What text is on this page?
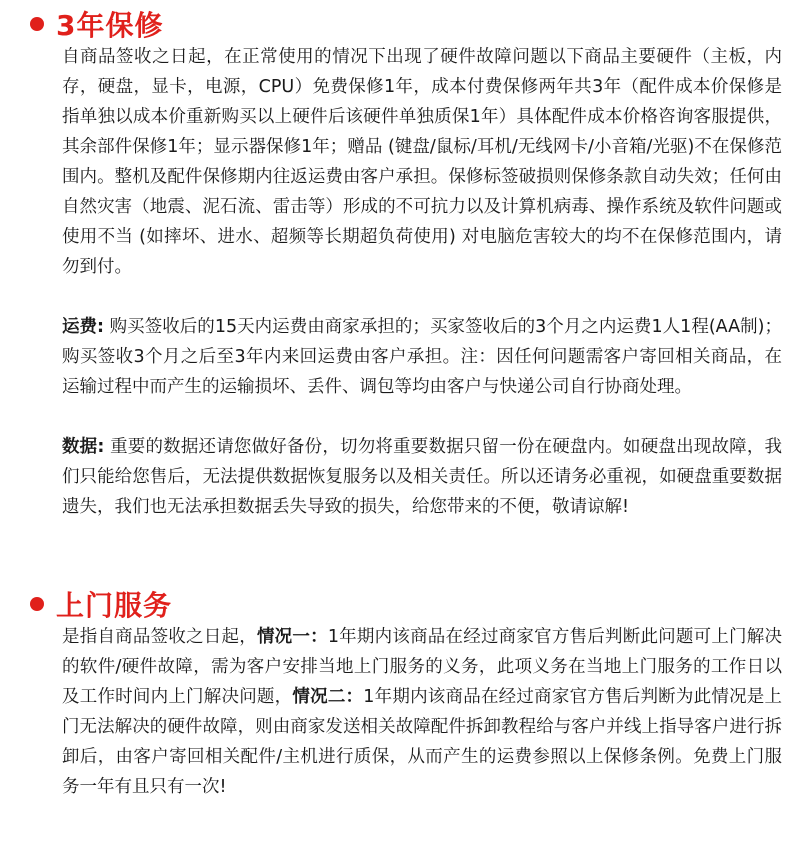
3年保修

自商品签收之日起，在正常使用的情况下出现了硬件故障问题以下商品主要硬件（主板，内存，硬盘，显卡，电源，CPU）免费保修1年，成本付费保修两年共3年（配件成本价保修是指单独以成本价重新购买以上硬件后该硬件单独质保1年）具体配件成本价格咨询客服提供，其余部件保修1年；显示器保修1年；赠品 (键盘/鼠标/耳机/无线网卡/小音箱/光驱)不在保修范围内。整机及配件保修期内往返运费由客户承担。保修标签破损则保修条款自动失效；任何由自然灾害（地震、泥石流、雷击等）形成的不可抗力以及计算机病毒、操作系统及软件问题或使用不当 (如摔坏、进水、超频等长期超负荷使用) 对电脑危害较大的均不在保修范围内，请勿到付。

运费: 购买签收后的15天内运费由商家承担的；买家签收后的3个月之内运费1人1程(AA制)；购买签收3个月之后至3年内来回运费由客户承担。注：因任何问题需客户寄回相关商品，在运输过程中而产生的运输损坏、丢件、调包等均由客户与快递公司自行协商处理。

数据: 重要的数据还请您做好备份，切勿将重要数据只留一份在硬盘内。如硬盘出现故障，我们只能给您售后，无法提供数据恢复服务以及相关责任。所以还请务必重视，如硬盘重要数据遗失，我们也无法承担数据丢失导致的损失，给您带来的不便，敬请谅解!

上门服务

是指自商品签收之日起，情况一：1年期内该商品在经过商家官方售后判断此问题可上门解决的软件/硬件故障，需为客户安排当地上门服务的义务，此项义务在当地上门服务的工作日以及工作时间内上门解决问题，情况二：1年期内该商品在经过商家官方售后判断为此情况是上门无法解决的硬件故障，则由商家发送相关故障配件拆卸教程给与客户并线上指导客户进行拆卸后，由客户寄回相关配件/主机进行质保，从而产生的运费参照以上保修条例。免费上门服务一年有且只有一次!
